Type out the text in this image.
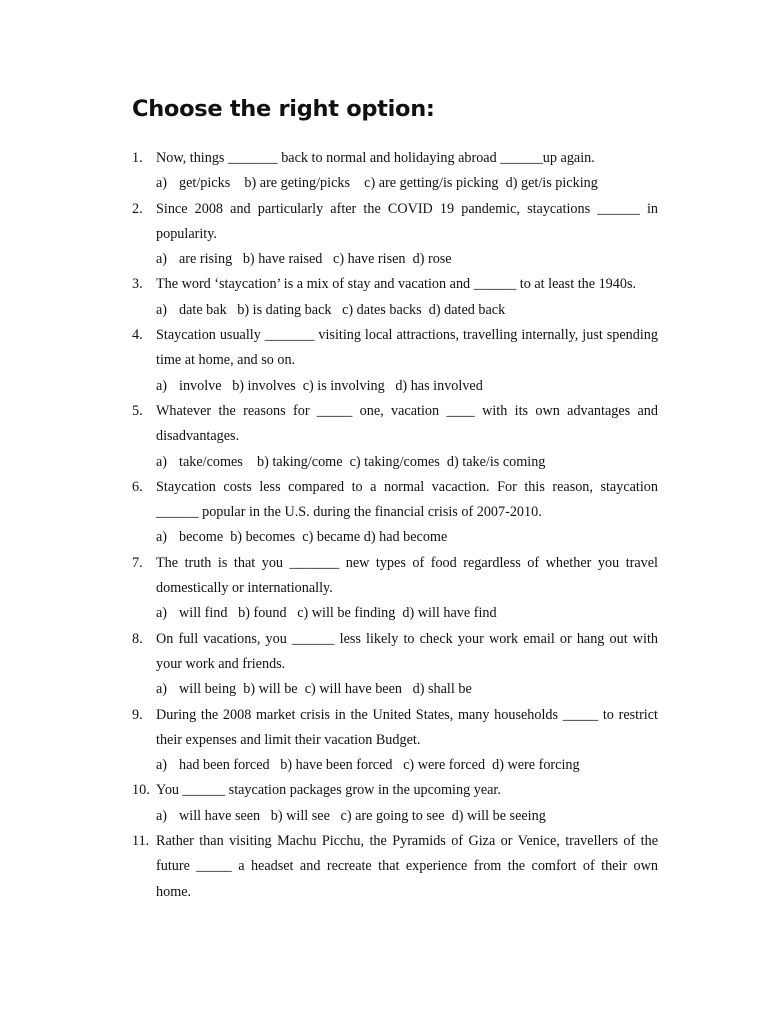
Choose the right option:
1. Now, things _______ back to normal and holidaying abroad ______up again.
a) get/picks    b) are geting/picks    c) are getting/is picking  d) get/is picking
2. Since 2008 and particularly after the COVID 19 pandemic, staycations ______ in popularity.
a) are rising   b) have raised   c) have risen  d) rose
3. The word ‘staycation’ is a mix of stay and vacation and ______ to at least the 1940s.
a) date bak   b) is dating back   c) dates backs  d) dated back
4. Staycation usually _______ visiting local attractions, travelling internally, just spending time at home, and so on.
a) involve   b) involves  c) is involving   d) has involved
5. Whatever the reasons for _____ one, vacation ____ with its own advantages and disadvantages.
a) take/comes    b) taking/come  c) taking/comes  d) take/is coming
6. Staycation costs less compared to a normal vacaction. For this reason, staycation ______ popular in the U.S. during the financial crisis of 2007-2010.
a) become  b) becomes  c) became d) had become
7. The truth is that you _______ new types of food regardless of whether you travel domestically or internationally.
a) will find   b) found   c) will be finding  d) will have find
8. On full vacations, you ______ less likely to check your work email or hang out with your work and friends.
a) will being  b) will be  c) will have been   d) shall be
9. During the 2008 market crisis in the United States, many households _____ to restrict their expenses and limit their vacation Budget.
a) had been forced   b) have been forced   c) were forced  d) were forcing
10. You ______ staycation packages grow in the upcoming year.
a) will have seen   b) will see   c) are going to see  d) will be seeing
11. Rather than visiting Machu Picchu, the Pyramids of Giza or Venice, travellers of the future _____ a headset and recreate that experience from the comfort of their own home.
